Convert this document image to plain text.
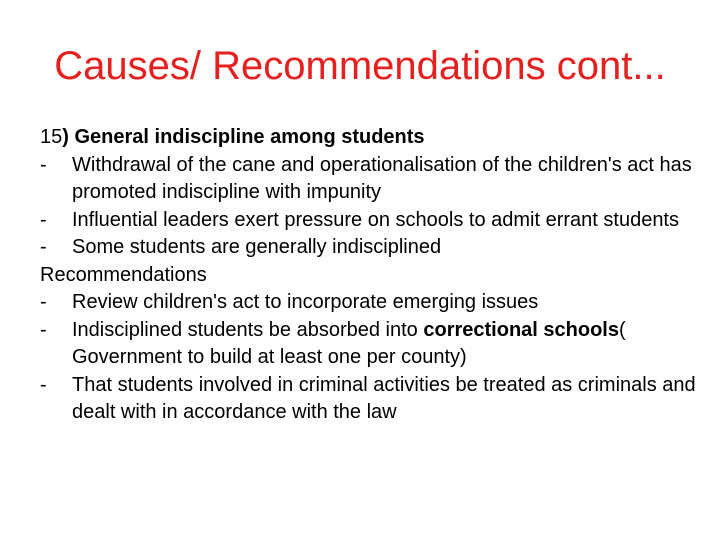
Causes/ Recommendations cont...
15) General indiscipline among students
-	Withdrawal of the cane and operationalisation of the children's act has promoted indiscipline with impunity
-	Influential leaders exert pressure on schools to admit errant students
-	Some students are generally indisciplined
Recommendations
-	Review children's act to incorporate emerging issues
-	Indisciplined students be absorbed into correctional schools( Government to build at least one per county)
-	That students involved in criminal activities be treated as criminals and dealt with in accordance with the law
